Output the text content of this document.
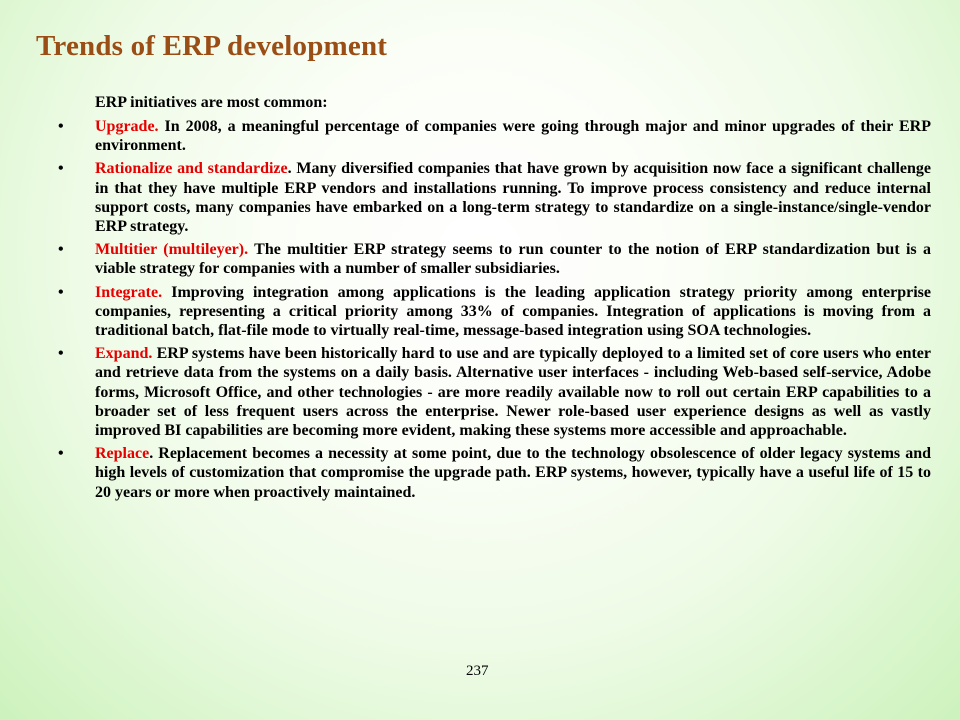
Trends of ERP development

ERP initiatives are most common:

• Upgrade. In 2008, a meaningful percentage of companies were going through major and minor upgrades of their ERP environment.
• Rationalize and standardize. Many diversified companies that have grown by acquisition now face a significant challenge in that they have multiple ERP vendors and installations running. To improve process consistency and reduce internal support costs, many companies have embarked on a long-term strategy to standardize on a single-instance/single-vendor ERP strategy.
• Multitier (multileyer). The multitier ERP strategy seems to run counter to the notion of ERP standardization but is a viable strategy for companies with a number of smaller subsidiaries.
• Integrate. Improving integration among applications is the leading application strategy priority among enterprise companies, representing a critical priority among 33% of companies. Integration of applications is moving from a traditional batch, flat-file mode to virtually real-time, message-based integration using SOA technologies.
• Expand. ERP systems have been historically hard to use and are typically deployed to a limited set of core users who enter and retrieve data from the systems on a daily basis. Alternative user interfaces - including Web-based self-service, Adobe forms, Microsoft Office, and other technologies - are more readily available now to roll out certain ERP capabilities to a broader set of less frequent users across the enterprise. Newer role-based user experience designs as well as vastly improved BI capabilities are becoming more evident, making these systems more accessible and approachable.
• Replace. Replacement becomes a necessity at some point, due to the technology obsolescence of older legacy systems and high levels of customization that compromise the upgrade path. ERP systems, however, typically have a useful life of 15 to 20 years or more when proactively maintained.
237
